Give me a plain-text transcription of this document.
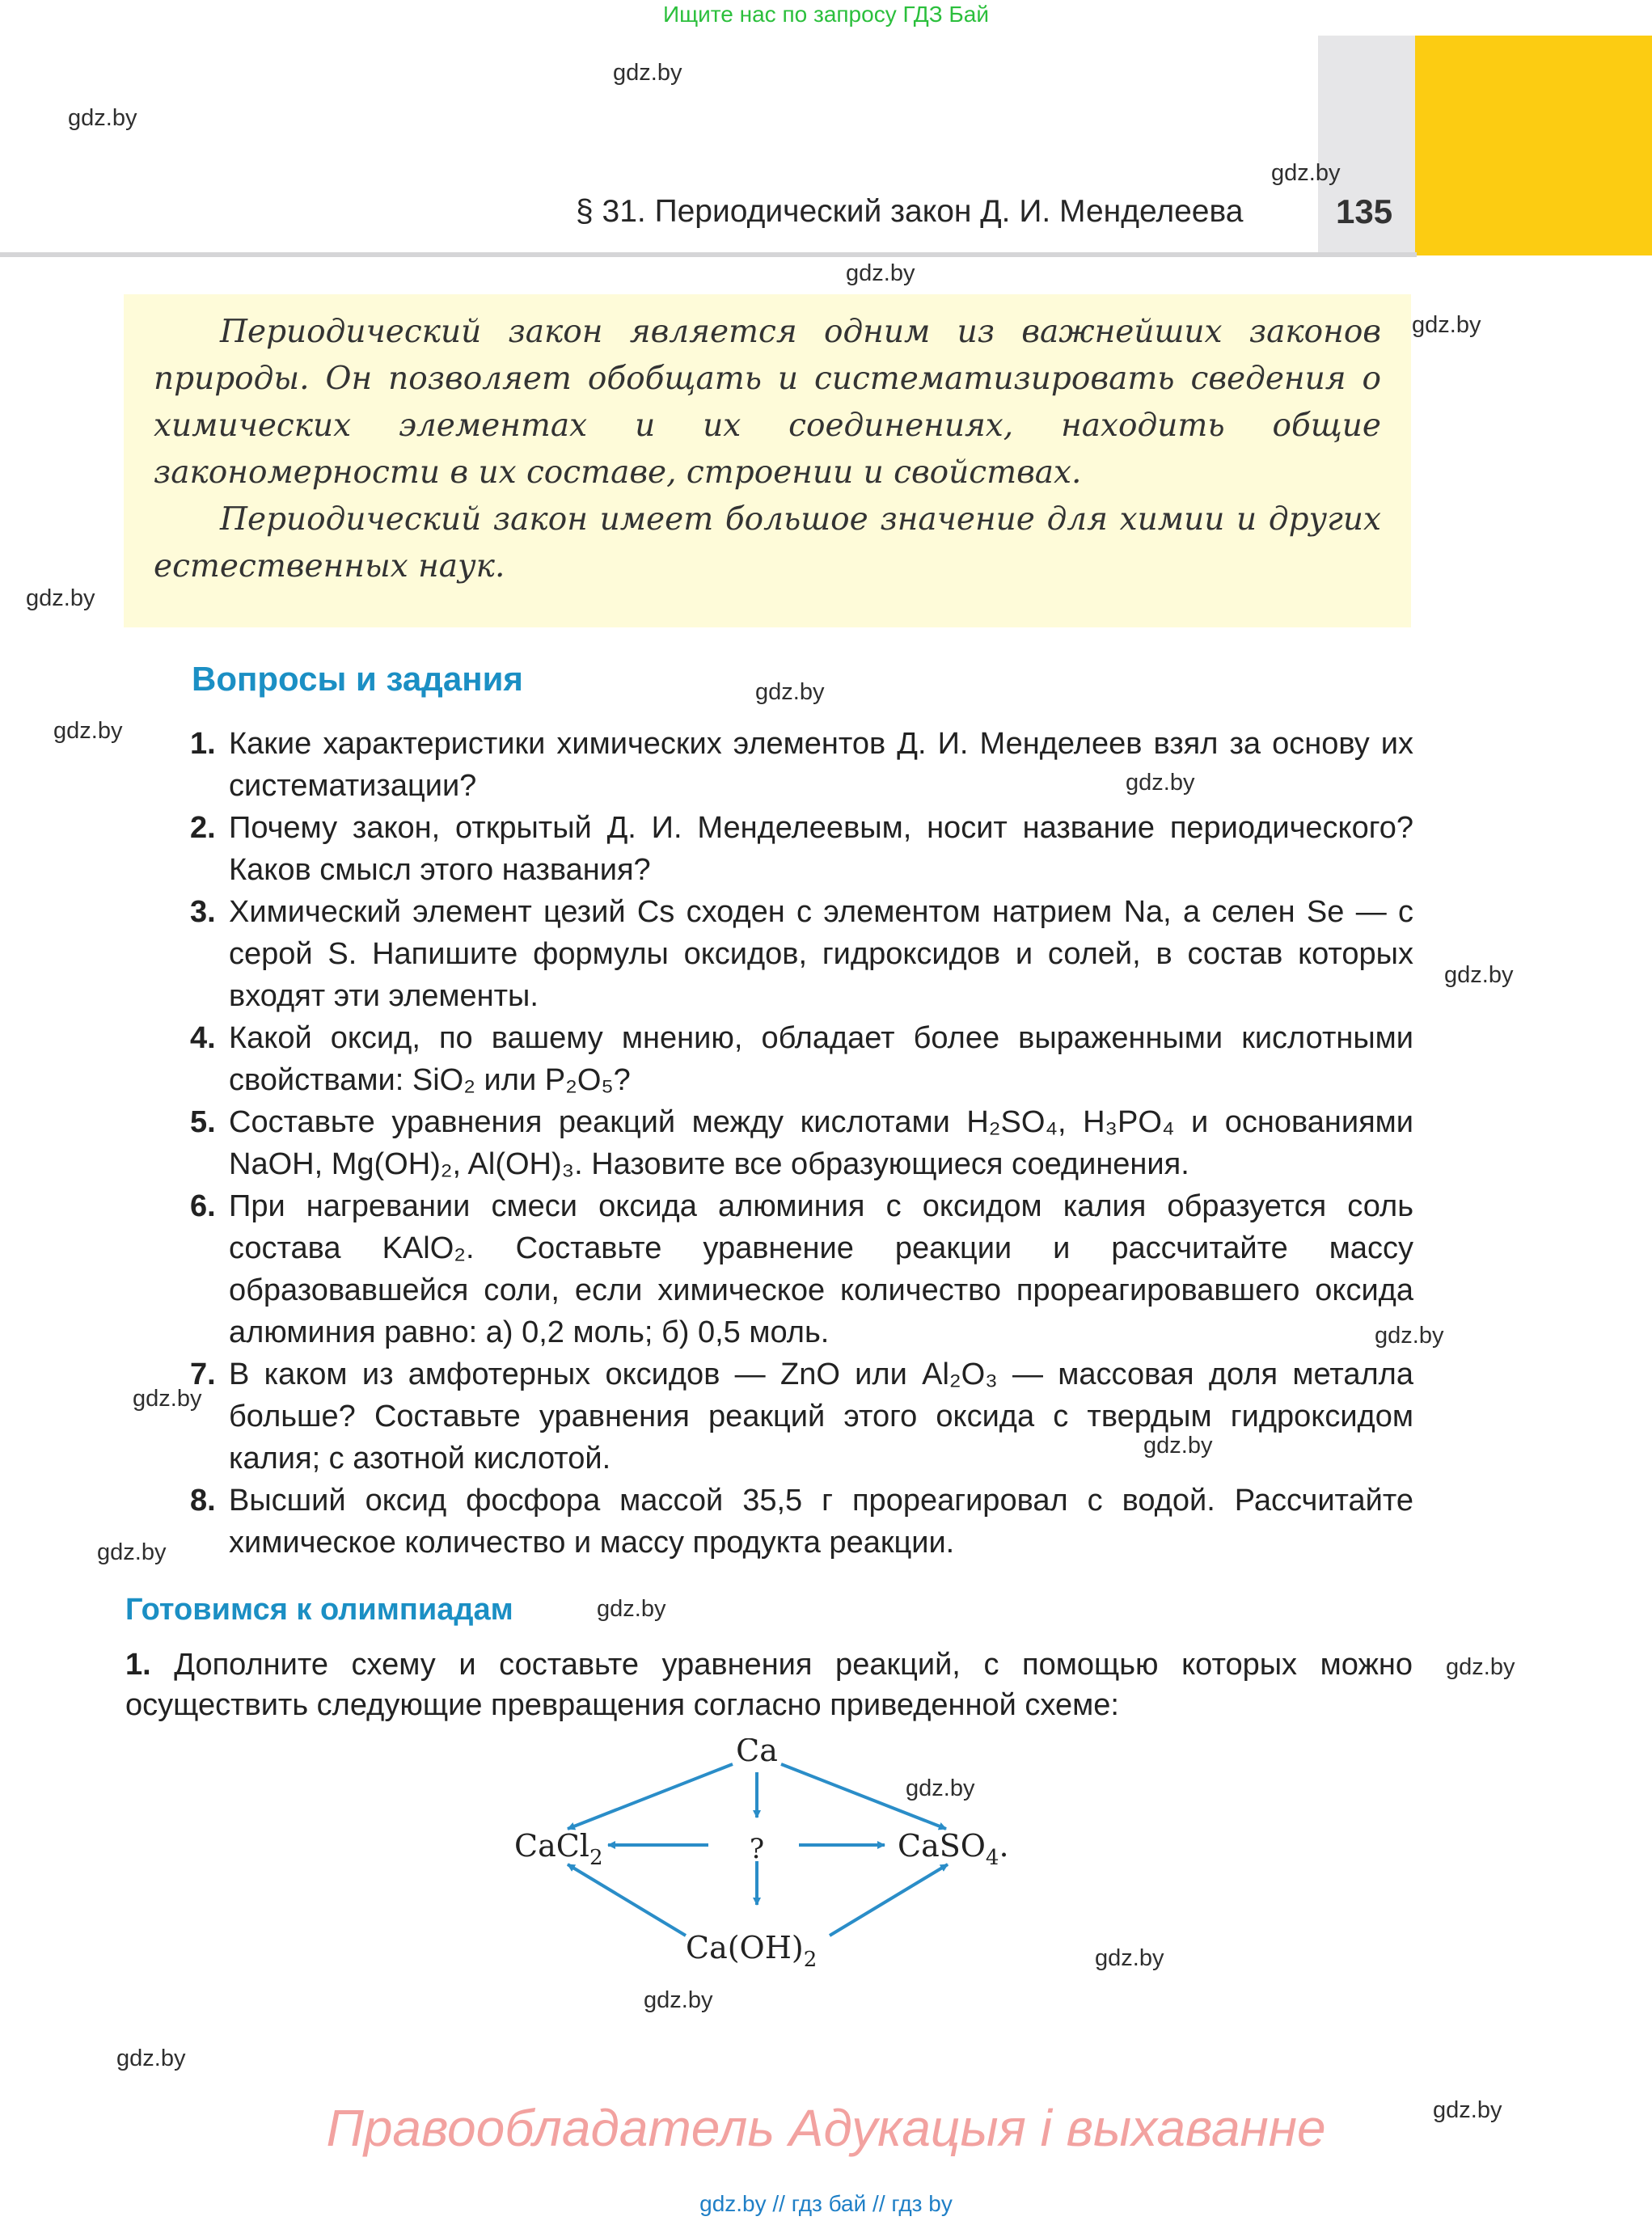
Ищите нас по запросу ГДЗ Бай
§ 31. Периодический закон Д. И. Менделеева	135
gdz.by
gdz.by
gdz.by
gdz.by
gdz.by
gdz.by
gdz.by
gdz.by
gdz.by
gdz.by
gdz.by
gdz.by
gdz.by
gdz.by
gdz.by
gdz.by
gdz.by
gdz.by
gdz.by
gdz.by
gdz.by

Периодический закон является одним из важнейших законов природы. Он позволяет обобщать и систематизировать сведения о химических элементах и их соединениях, находить общие закономерности в их составе, строении и свойствах.

Периодический закон имеет большое значение для химии и других естественных наук.

Вопросы и задания

1. Какие характеристики химических элементов Д. И. Менделеев взял за основу их систематизации?

2. Почему закон, открытый Д. И. Менделеевым, носит название периодического? Каков смысл этого названия?

3. Химический элемент цезий Cs сходен с элементом натрием Na, а селен Se — с серой S. Напишите формулы оксидов, гидроксидов и солей, в состав которых входят эти элементы.

4. Какой оксид, по вашему мнению, обладает более выраженными кислотными свойствами: SiO₂ или P₂O₅?

5. Составьте уравнения реакций между кислотами H₂SO₄, H₃PO₄ и основаниями NaOH, Mg(OH)₂, Al(OH)₃. Назовите все образующиеся соединения.

6. При нагревании смеси оксида алюминия с оксидом калия образуется соль состава KAlO₂. Составьте уравнение реакции и рассчитайте массу образовавшейся соли, если химическое количество прореагировавшего оксида алюминия равно: а) 0,2 моль; б) 0,5 моль.

7. В каком из амфотерных оксидов — ZnO или Al₂O₃ — массовая доля металла больше? Составьте уравнения реакций этого оксида с твердым гидроксидом калия; с азотной кислотой.

8. Высший оксид фосфора массой 35,5 г прореагировал с водой. Рассчитайте химическое количество и массу продукта реакции.

Готовимся к олимпиадам

1. Дополните схему и составьте уравнения реакций, с помощью которых можно осуществить следующие превращения согласно приведенной схеме:

Ca
CaCl$_2$	?	CaSO$_4$.
$Ca(OH)_2$
Правообладатель Адукацыя і выхаванне
gdz.by // гдз бай // гдз by
